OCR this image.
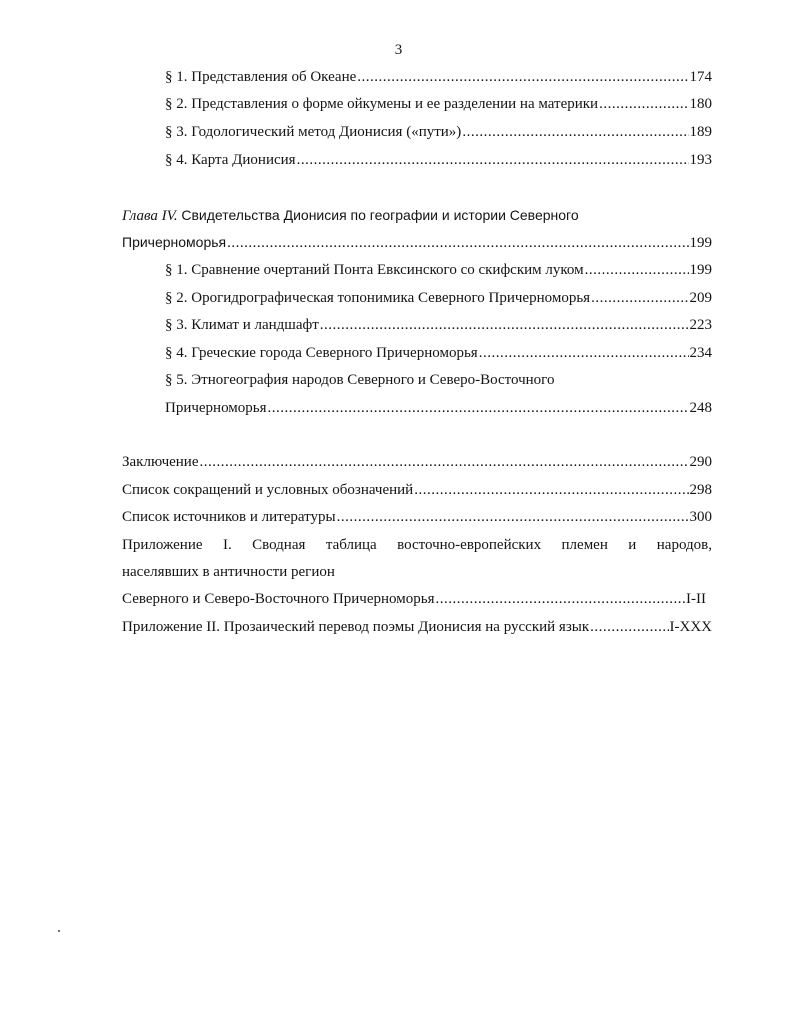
3
§ 1. Представления об Океане .....	174
§ 2. Представления о форме ойкумены и ее разделении на материки .....	180
§ 3. Годологический метод Дионисия («пути») .....	189
§ 4. Карта Дионисия .....	193
Глава IV. Свидетельства Дионисия по географии и истории Северного
Причерноморья .....	199
§ 1. Сравнение очертаний Понта Евксинского со скифским луком .....	199
§ 2. Орогидрографическая топонимика Северного Причерноморья .....	209
§ 3. Климат и ландшафт .....	223
§ 4. Греческие города Северного Причерноморья .....	234
§ 5. Этногеография народов Северного и Северо-Восточного
Причерноморья .....	248
Заключение .....	290
Список сокращений и условных обозначений .....	298
Список источников и литературы .....	300
Приложение I. Сводная таблица восточно-европейских племен и народов,
населявших в античности регион
Северного и Северо-Восточного Причерноморья .....	I-II
Приложение II. Прозаический перевод поэмы Дионисия на русский язык .....	I-XXX
